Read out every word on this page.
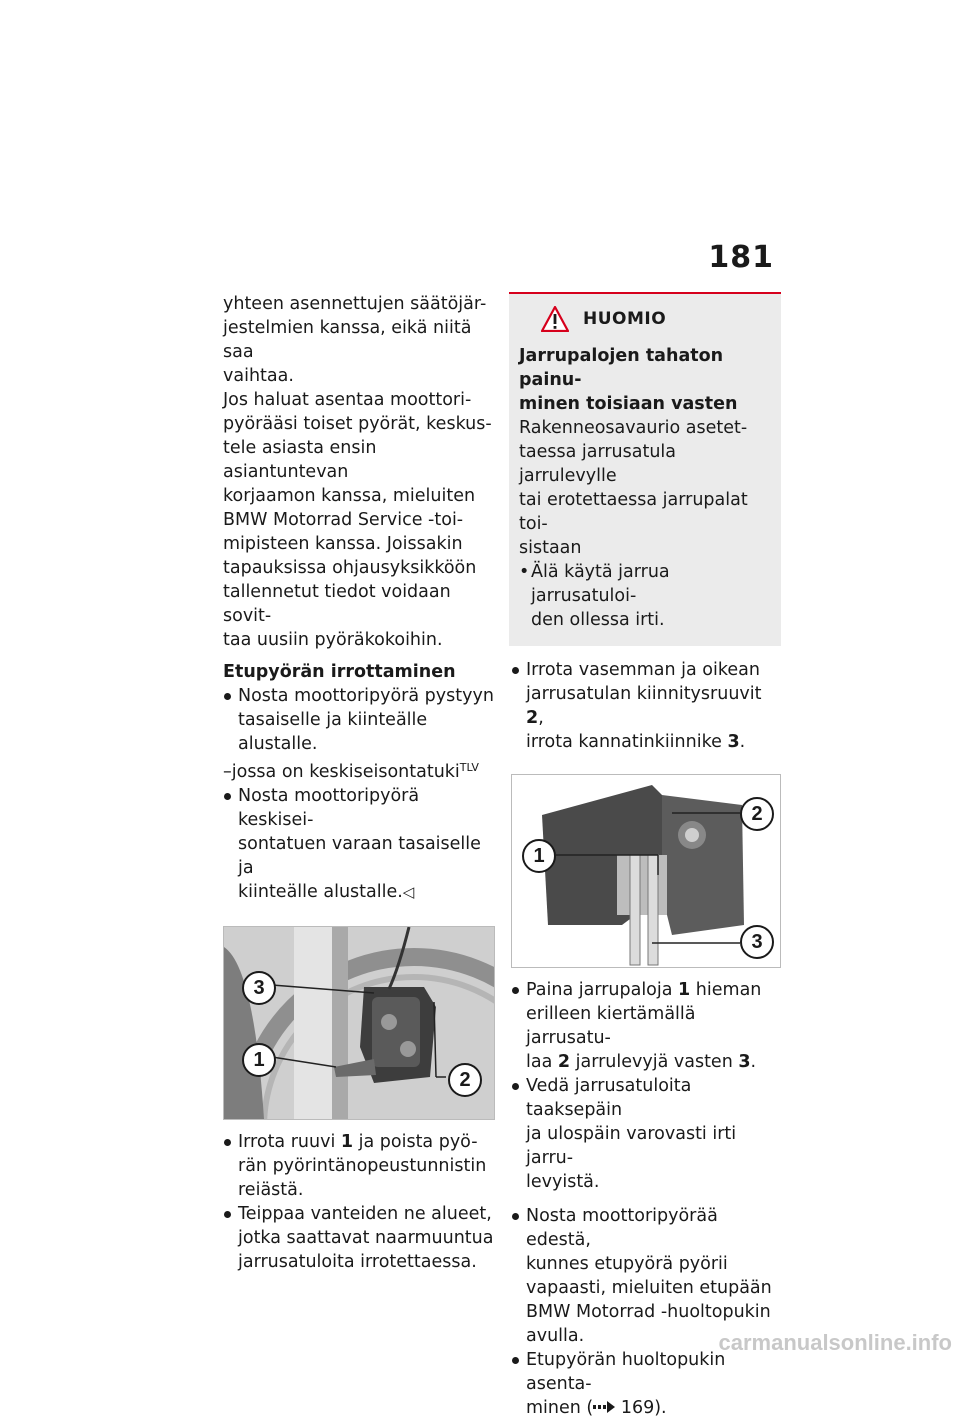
181

yhteen asennettujen säätöjär-
jestelmien kanssa, eikä niitä saa
vaihtaa.
Jos haluat asentaa moottori-
pyörääsi toiset pyörät, keskus-
tele asiasta ensin asiantuntevan
korjaamon kanssa, mieluiten
BMW Motorrad Service -toi-
mipisteen kanssa. Joissakin
tapauksissa ohjausyksikköön
tallennetut tiedot voidaan sovit-
taa uusiin pyöräkokoihin.

Etupyörän irrottaminen

Nosta moottoripyörä pystyyn
tasaiselle ja kiinteälle alustalle.

–jossa on keskiseisontatuki$^{TLV}$

Nosta moottoripyörä keskisei-
sontatuen varaan tasaiselle ja
kiinteälle alustalle.◁
3
1
2
Irrota ruuvi 1 ja poista pyö-
rän pyörintänopeustunnistin
reiästä.
Teippaa vanteiden ne alueet,
jotka saattavat naarmuuntua
jarrusatuloita irrotettaessa.
HUOMIO

Jarrupalojen tahaton painu-
minen toisiaan vasten

Rakenneosavaurio asetet-
taessa jarrusatula jarrulevylle
tai erotettaessa jarrupalat toi-
sistaan

• Älä käytä jarrua jarrusatuloi-
den ollessa irti.

Irrota vasemman ja oikean
jarrusatulan kiinnitysruuvit 2,
irrota kannatinkiinnike 3.
2
1
3
Paina jarrupaloja 1 hieman
erilleen kiertämällä jarrusatu-
laa 2 jarrulevyjä vasten 3.
Vedä jarrusatuloita taaksepäin
ja ulospäin varovasti irti jarru-
levyistä.
Nosta moottoripyörää edestä,
kunnes etupyörä pyörii
vapaasti, mieluiten etupään
BMW Motorrad -huoltopukin
avulla.
Etupyörän huoltopukin asenta-
minen ( 169).
carmanualsonline.info
